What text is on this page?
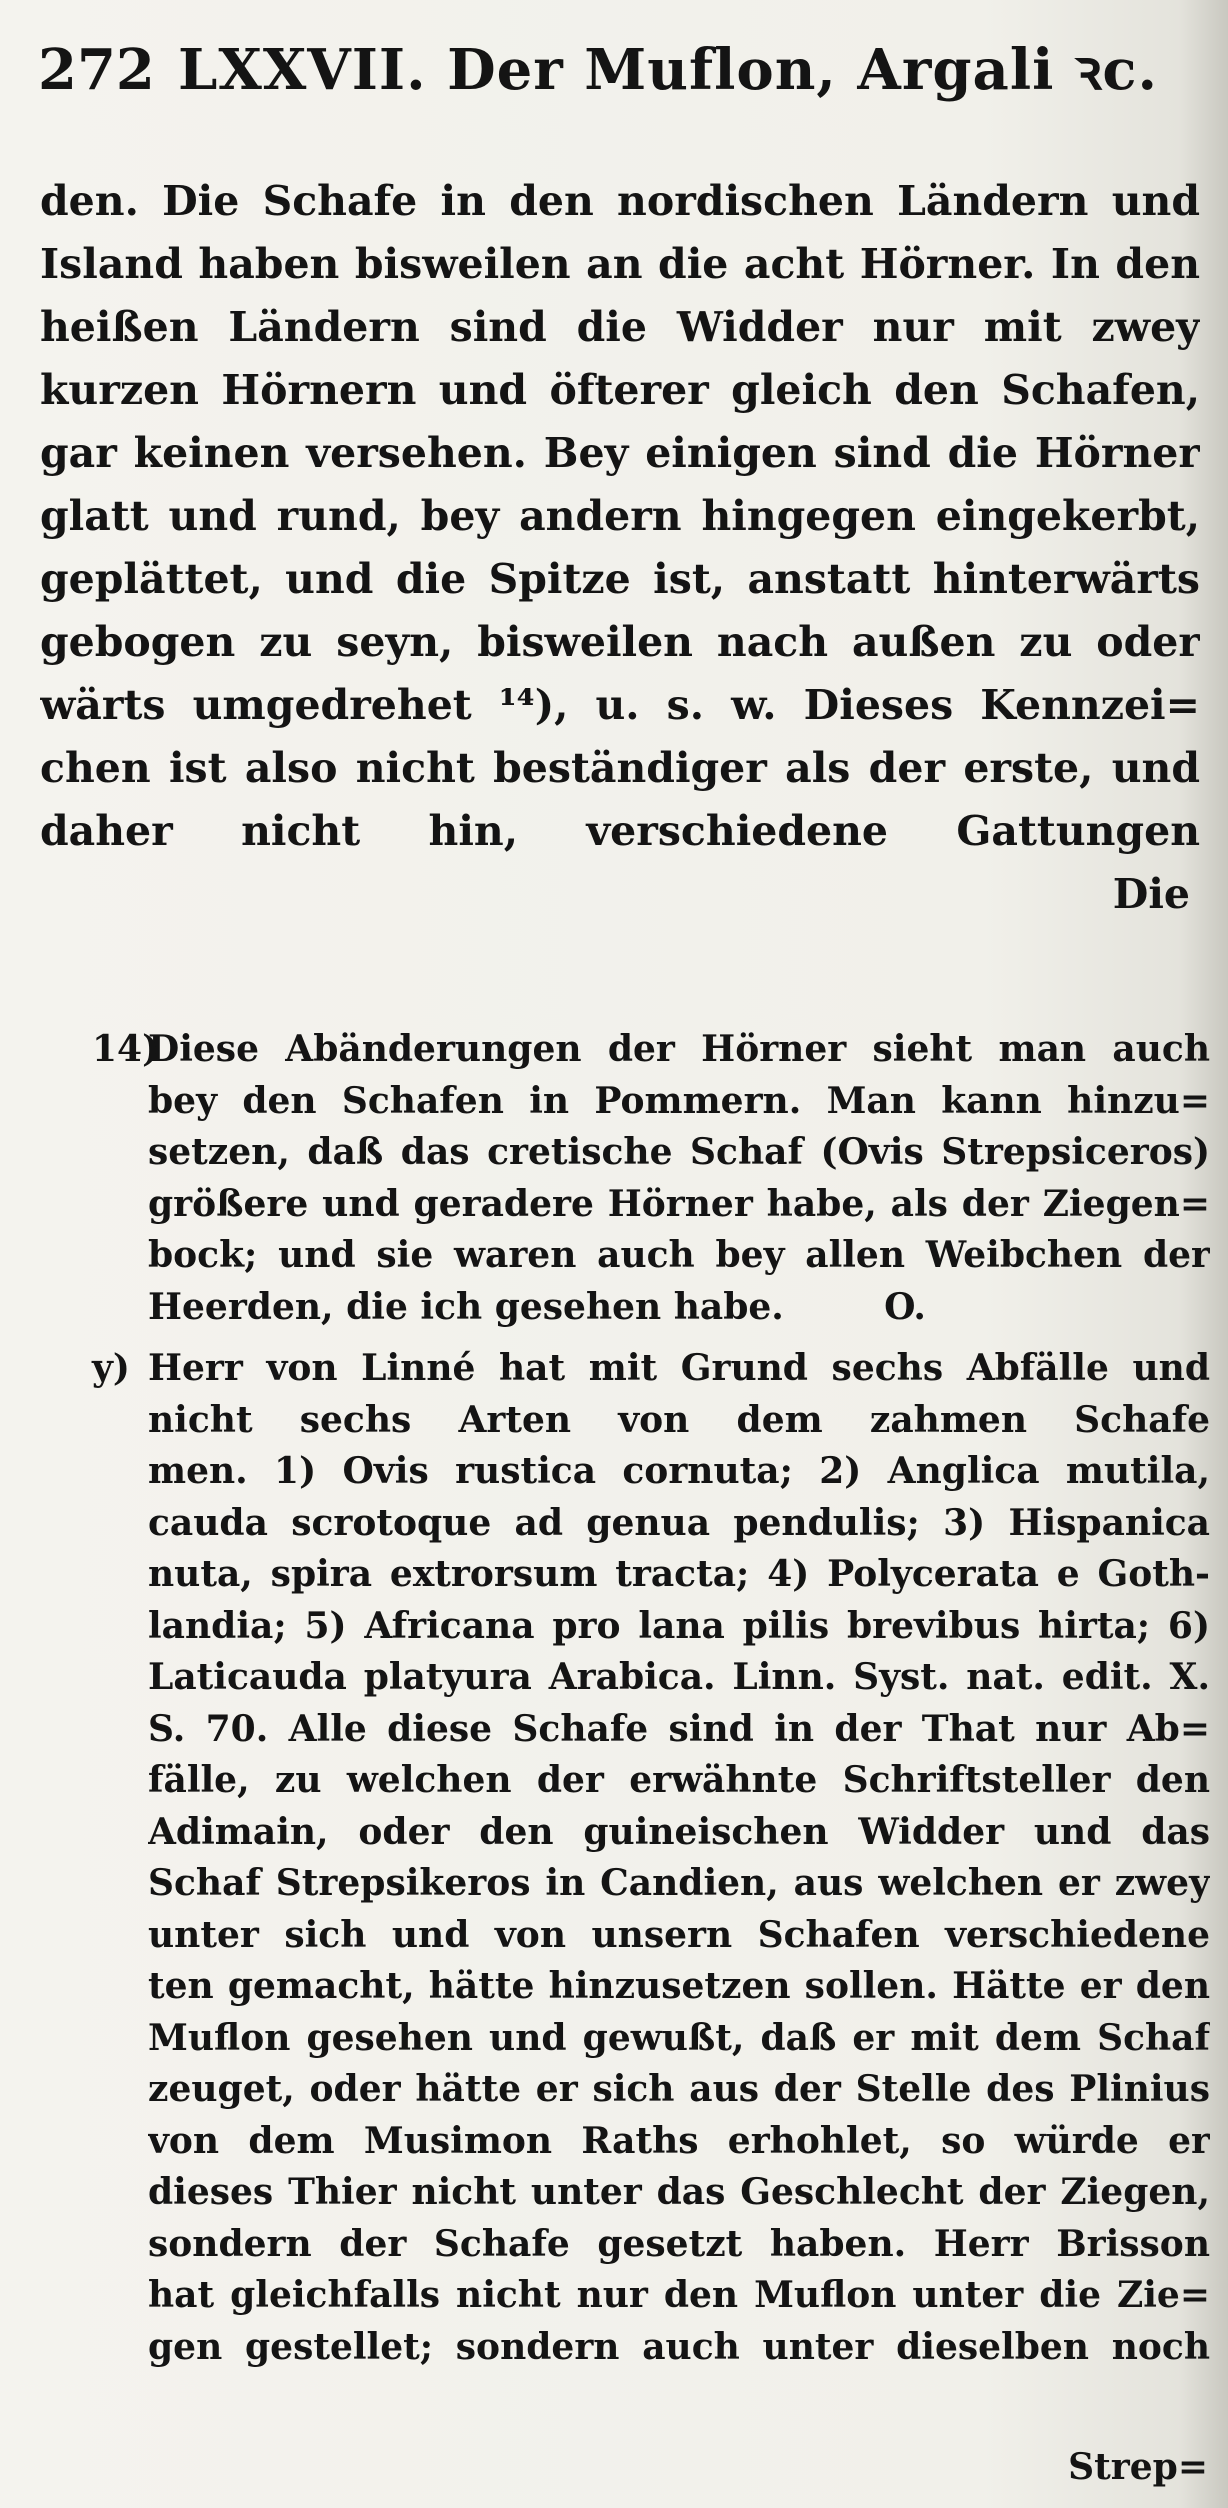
272 LXXVII. Der Muflon, Argali ꝛc.
den. Die Schafe in den nordischen Ländern und
Island haben bisweilen an die acht Hörner. In den
heißen Ländern sind die Widder nur mit zwey
kurzen Hörnern und öfterer gleich den Schafen,
gar keinen versehen. Bey einigen sind die Hörner
glatt und rund, bey andern hingegen eingekerbt,
geplättet, und die Spitze ist, anstatt hinterwärts
gebogen zu seyn, bisweilen nach außen zu oder
wärts umgedrehet ¹⁴), u. s. w. Dieses Kennzei=
chen ist also nicht beständiger als der erste, und
daher nicht hin, verschiedene Gattungen
Die
14)
Diese Abänderungen der Hörner sieht man auch
bey den Schafen in Pommern. Man kann hinzu=
setzen, daß das cretische Schaf (Ovis Strepsiceros)
größere und geradere Hörner habe, als der Ziegen=
bock; und sie waren auch bey allen Weibchen der
Heerden, die ich gesehen habe.        O.
y) Herr von Linné hat mit Grund sechs Abfälle und
nicht sechs Arten von dem zahmen Schafe
men. 1) Ovis rustica cornuta; 2) Anglica mutila,
cauda scrotoque ad genua pendulis; 3) Hispanica
nuta, spira extrorsum tracta; 4) Polycerata e Goth-
landia; 5) Africana pro lana pilis brevibus hirta; 6)
Laticauda platyura Arabica. Linn. Syst. nat. edit. X.
S. 70. Alle diese Schafe sind in der That nur Ab=
fälle, zu welchen der erwähnte Schriftsteller den
Adimain, oder den guineischen Widder und das
Schaf Strepsikeros in Candien, aus welchen er zwey
unter sich und von unsern Schafen verschiedene
ten gemacht, hätte hinzusetzen sollen. Hätte er den
Muflon gesehen und gewußt, daß er mit dem Schaf
zeuget, oder hätte er sich aus der Stelle des Plinius
von dem Musimon Raths erhohlet, so würde er
dieses Thier nicht unter das Geschlecht der Ziegen,
sondern der Schafe gesetzt haben. Herr Brisson
hat gleichfalls nicht nur den Muflon unter die Zie=
gen gestellet; sondern auch unter dieselben noch
Strep=
